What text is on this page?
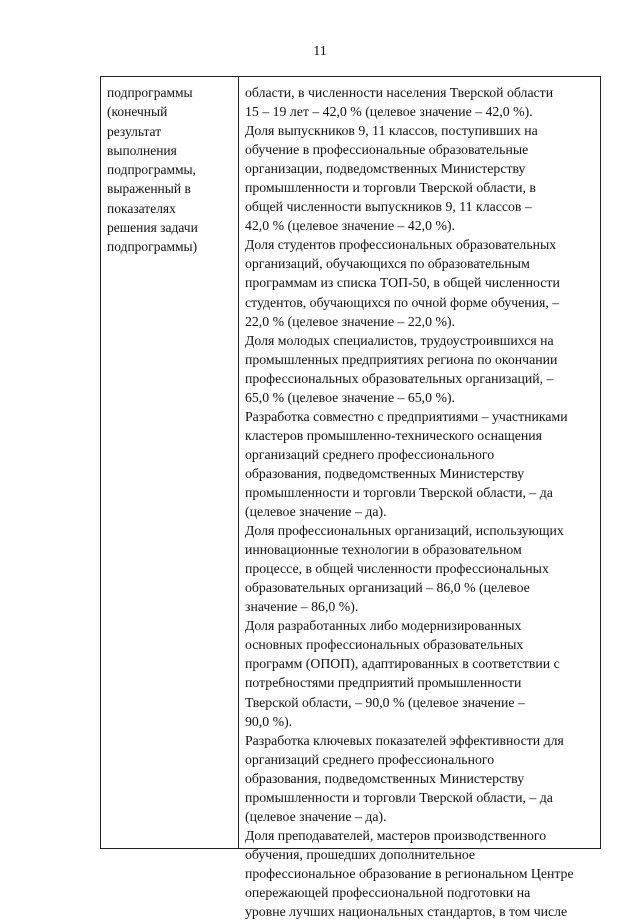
11
подпрограммы
(конечный
результат
выполнения
подпрограммы,
выраженный в
показателях
решения задачи
подпрограммы)
области, в численности населения Тверской области
15 – 19 лет – 42,0 % (целевое значение – 42,0 %).
Доля выпускников 9, 11 классов, поступивших на
обучение в профессиональные образовательные
организации, подведомственных Министерству
промышленности и торговли Тверской области, в
общей численности выпускников 9, 11 классов –
42,0 % (целевое значение – 42,0 %).
Доля студентов профессиональных образовательных
организаций, обучающихся по образовательным
программам из списка ТОП-50, в общей численности
студентов, обучающихся по очной форме обучения, –
22,0 % (целевое значение – 22,0 %).
Доля молодых специалистов, трудоустроившихся на
промышленных предприятиях региона по окончании
профессиональных образовательных организаций, –
65,0 % (целевое значение – 65,0 %).
Разработка совместно с предприятиями – участниками
кластеров промышленно-технического оснащения
организаций среднего профессионального
образования, подведомственных Министерству
промышленности и торговли Тверской области, – да
(целевое значение – да).
Доля профессиональных организаций, использующих
инновационные технологии в образовательном
процессе, в общей численности профессиональных
образовательных организаций – 86,0 % (целевое
значение – 86,0 %).
Доля разработанных либо модернизированных
основных профессиональных образовательных
программ (ОПОП), адаптированных в соответствии с
потребностями предприятий промышленности
Тверской области, – 90,0 % (целевое значение –
90,0 %).
Разработка ключевых показателей эффективности для
организаций среднего профессионального
образования, подведомственных Министерству
промышленности и торговли Тверской области, – да
(целевое значение – да).
Доля преподавателей, мастеров производственного
обучения, прошедших дополнительное
профессиональное образование в региональном Центре
опережающей профессиональной подготовки на
уровне лучших национальных стандартов, в том числе
